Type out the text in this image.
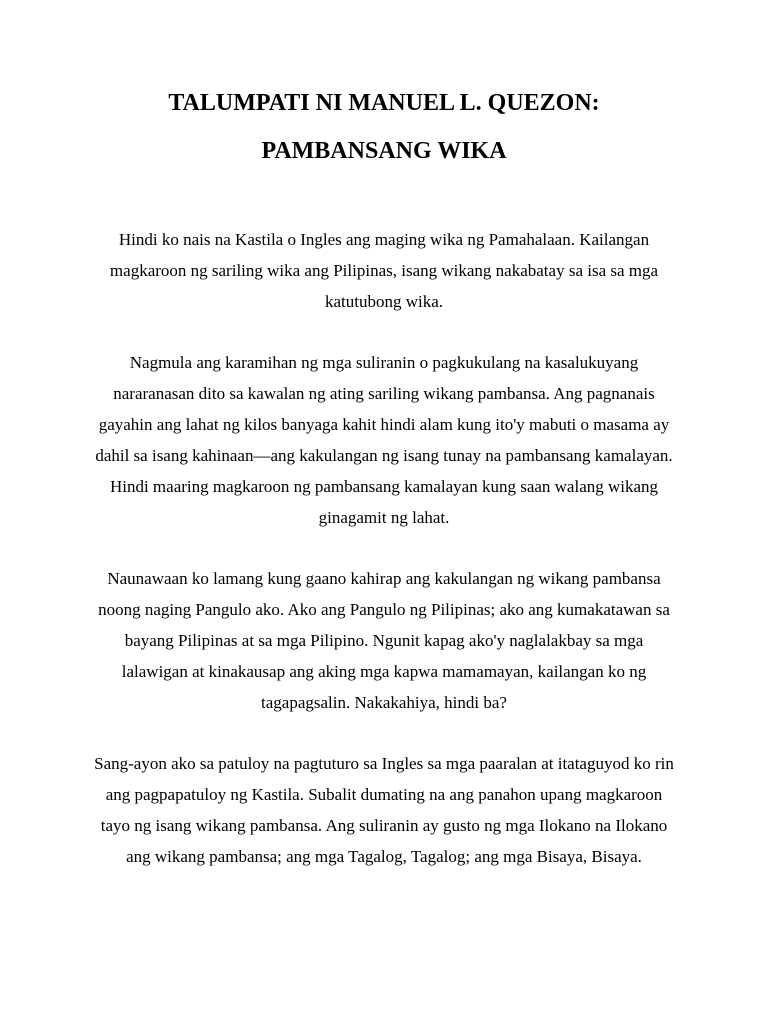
TALUMPATI NI MANUEL L. QUEZON:

PAMBANSANG WIKA

Hindi ko nais na Kastila o Ingles ang maging wika ng Pamahalaan. Kailangan magkaroon ng sariling wika ang Pilipinas, isang wikang nakabatay sa isa sa mga katutubong wika.

Nagmula ang karamihan ng mga suliranin o pagkukulang na kasalukuyang nararanasan dito sa kawalan ng ating sariling wikang pambansa. Ang pagnanais gayahin ang lahat ng kilos banyaga kahit hindi alam kung ito'y mabuti o masama ay dahil sa isang kahinaan—ang kakulangan ng isang tunay na pambansang kamalayan. Hindi maaring magkaroon ng pambansang kamalayan kung saan walang wikang ginagamit ng lahat.

Naunawaan ko lamang kung gaano kahirap ang kakulangan ng wikang pambansa noong naging Pangulo ako. Ako ang Pangulo ng Pilipinas; ako ang kumakatawan sa bayang Pilipinas at sa mga Pilipino. Ngunit kapag ako'y naglalakbay sa mga lalawigan at kinakausap ang aking mga kapwa mamamayan, kailangan ko ng tagapagsalin. Nakakahiya, hindi ba?

Sang-ayon ako sa patuloy na pagtuturo sa Ingles sa mga paaralan at itataguyod ko rin ang pagpapatuloy ng Kastila. Subalit dumating na ang panahon upang magkaroon tayo ng isang wikang pambansa. Ang suliranin ay gusto ng mga Ilokano na Ilokano ang wikang pambansa; ang mga Tagalog, Tagalog; ang mga Bisaya, Bisaya.
